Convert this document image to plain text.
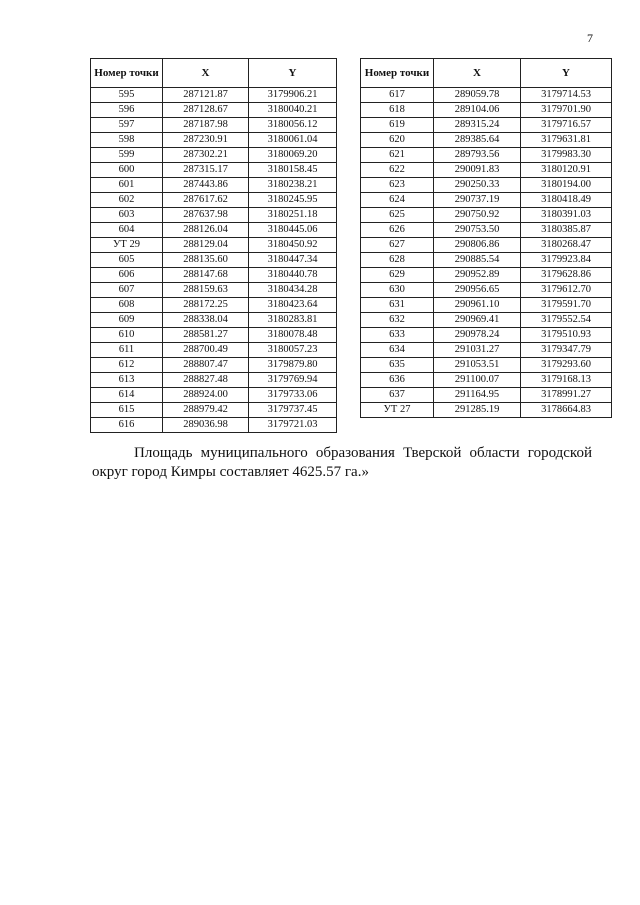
7
Номер точки	X	Y
595	287121.87	3179906.21
596	287128.67	3180040.21
597	287187.98	3180056.12
598	287230.91	3180061.04
599	287302.21	3180069.20
600	287315.17	3180158.45
601	287443.86	3180238.21
602	287617.62	3180245.95
603	287637.98	3180251.18
604	288126.04	3180445.06
УТ 29	288129.04	3180450.92
605	288135.60	3180447.34
606	288147.68	3180440.78
607	288159.63	3180434.28
608	288172.25	3180423.64
609	288338.04	3180283.81
610	288581.27	3180078.48
611	288700.49	3180057.23
612	288807.47	3179879.80
613	288827.48	3179769.94
614	288924.00	3179733.06
615	288979.42	3179737.45
616	289036.98	3179721.03
Номер точки	X	Y
617	289059.78	3179714.53
618	289104.06	3179701.90
619	289315.24	3179716.57
620	289385.64	3179631.81
621	289793.56	3179983.30
622	290091.83	3180120.91
623	290250.33	3180194.00
624	290737.19	3180418.49
625	290750.92	3180391.03
626	290753.50	3180385.87
627	290806.86	3180268.47
628	290885.54	3179923.84
629	290952.89	3179628.86
630	290956.65	3179612.70
631	290961.10	3179591.70
632	290969.41	3179552.54
633	290978.24	3179510.93
634	291031.27	3179347.79
635	291053.51	3179293.60
636	291100.07	3179168.13
637	291164.95	3178991.27
УТ 27	291285.19	3178664.83

Площадь муниципального образования Тверской области городской округ город Кимры составляет 4625.57 га.»
